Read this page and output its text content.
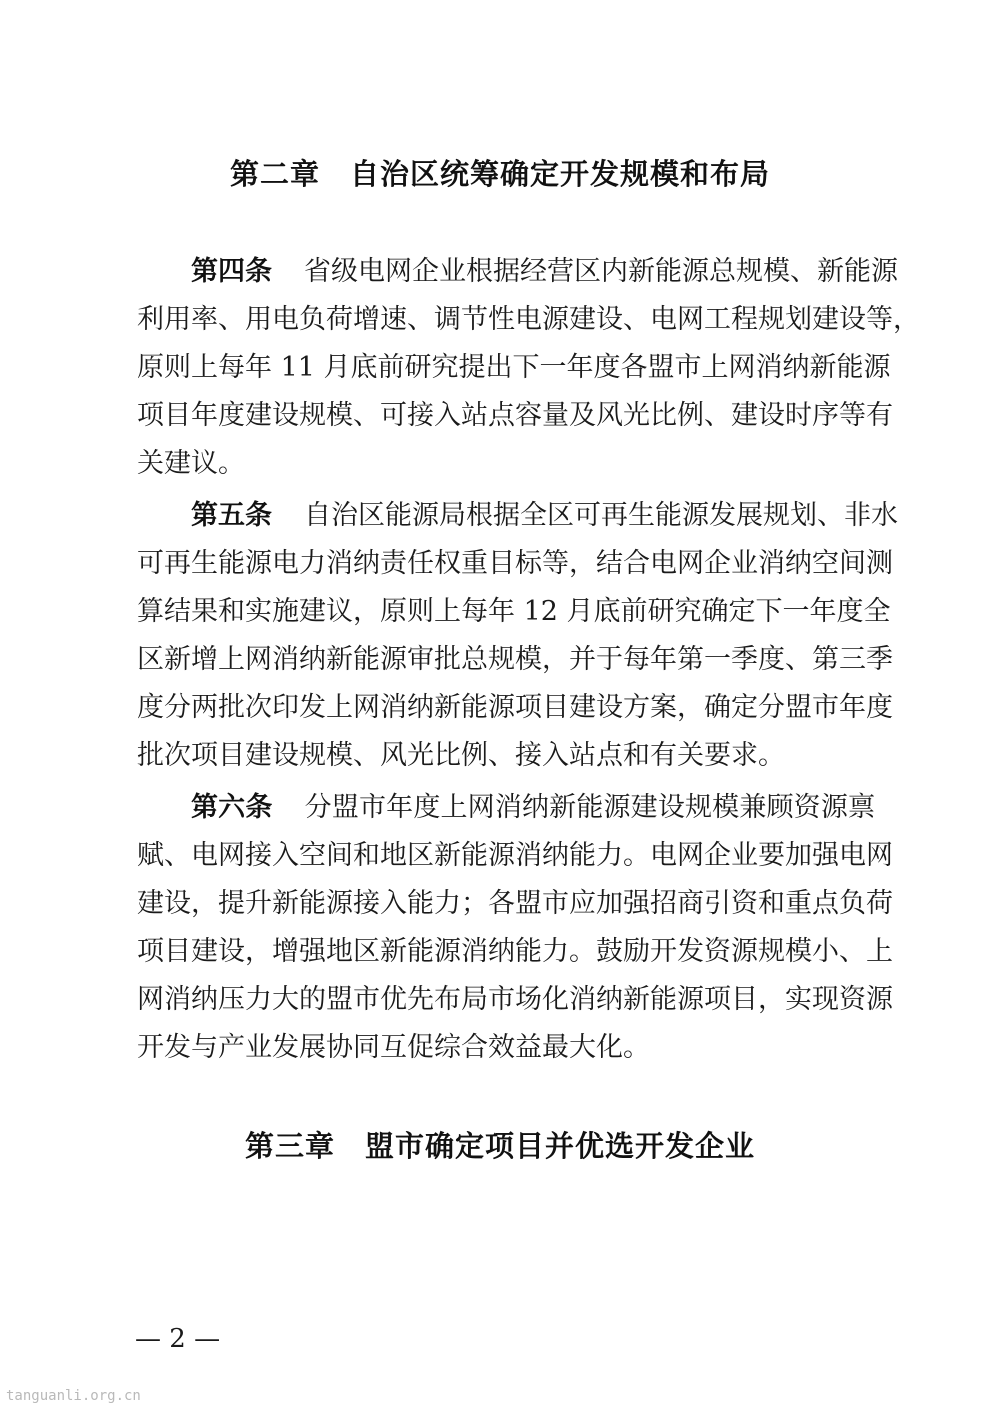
第二章　自治区统筹确定开发规模和布局
第四条 省级电网企业根据经营区内新能源总规模、新能源
利用率、用电负荷增速、调节性电源建设、电网工程规划建设等，
原则上每年 11 月底前研究提出下一年度各盟市上网消纳新能源
项目年度建设规模、可接入站点容量及风光比例、建设时序等有
关建议。
第五条 自治区能源局根据全区可再生能源发展规划、非水
可再生能源电力消纳责任权重目标等，结合电网企业消纳空间测
算结果和实施建议，原则上每年 12 月底前研究确定下一年度全
区新增上网消纳新能源审批总规模，并于每年第一季度、第三季
度分两批次印发上网消纳新能源项目建设方案，确定分盟市年度
批次项目建设规模、风光比例、接入站点和有关要求。
第六条 分盟市年度上网消纳新能源建设规模兼顾资源禀
赋、电网接入空间和地区新能源消纳能力。电网企业要加强电网
建设，提升新能源接入能力；各盟市应加强招商引资和重点负荷
项目建设，增强地区新能源消纳能力。鼓励开发资源规模小、上
网消纳压力大的盟市优先布局市场化消纳新能源项目，实现资源
开发与产业发展协同互促综合效益最大化。
第三章　盟市确定项目并优选开发企业
— 2 —
tanguanli.org.cn
